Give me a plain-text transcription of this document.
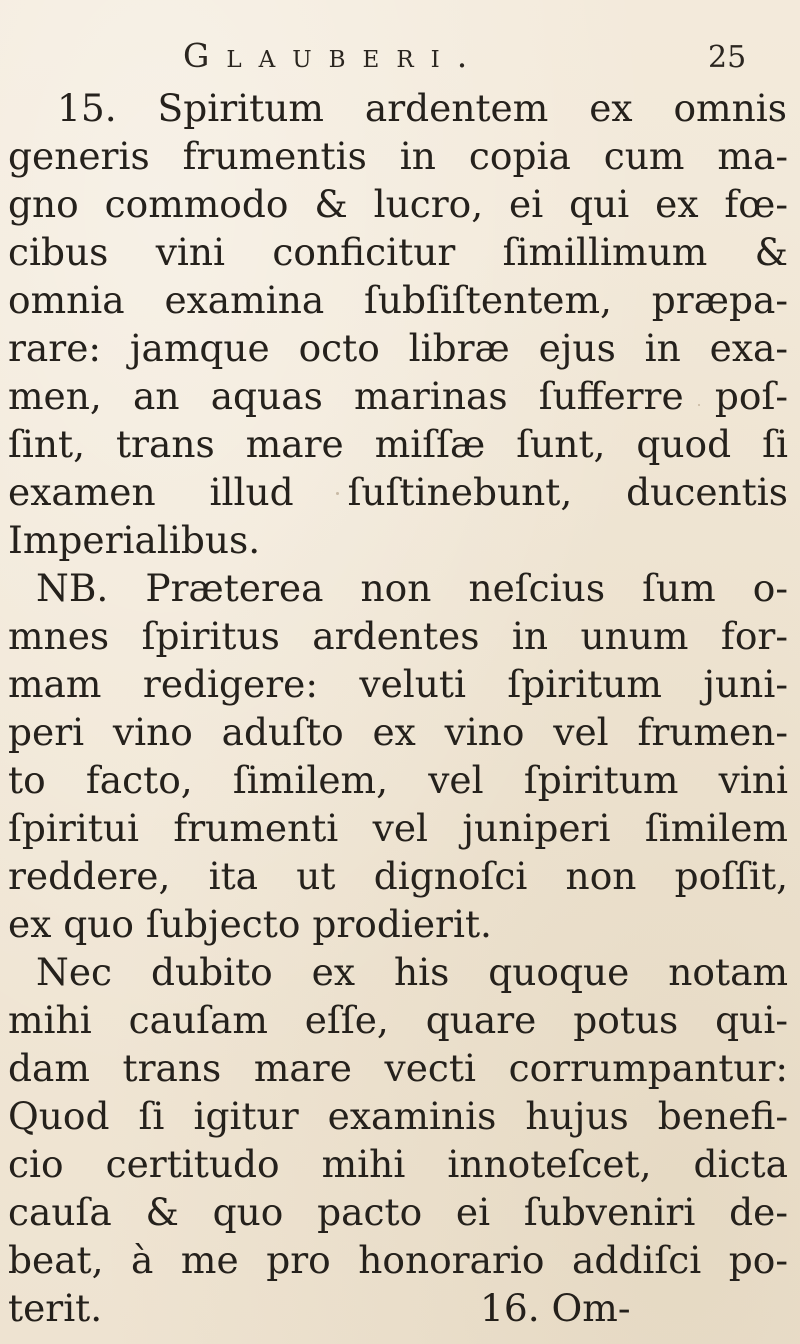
Glauberi.	25
15. Spiritum ardentem ex omnis
generis frumentis in copia cum ma-
gno commodo & lucro, ei qui ex fœ-
cibus vini conficitur ſimillimum &
omnia examina ſubſiſtentem, præpa-
rare: jamque octo libræ ejus in exa-
men, an aquas marinas ſufferre poſ-
ſint, trans mare miſſæ ſunt, quod ſi
examen illud ſuſtinebunt, ducentis
Imperialibus.
NB. Præterea non neſcius ſum o-
mnes ſpiritus ardentes in unum for-
mam redigere: veluti ſpiritum juni-
peri vino aduſto ex vino vel frumen-
to facto, ſimilem, vel ſpiritum vini
ſpiritui frumenti vel juniperi ſimilem
reddere, ita ut dignoſci non poſſit,
ex quo ſubjecto prodierit.
Nec dubito ex his quoque notam
mihi cauſam eſſe, quare potus qui-
dam trans mare vecti corrumpantur:
Quod ſi igitur examinis hujus benefi-
cio certitudo mihi innoteſcet, dicta
cauſa & quo pacto ei ſubveniri de-
beat, à me pro honorario addiſci po-
terit.	16. Om-
